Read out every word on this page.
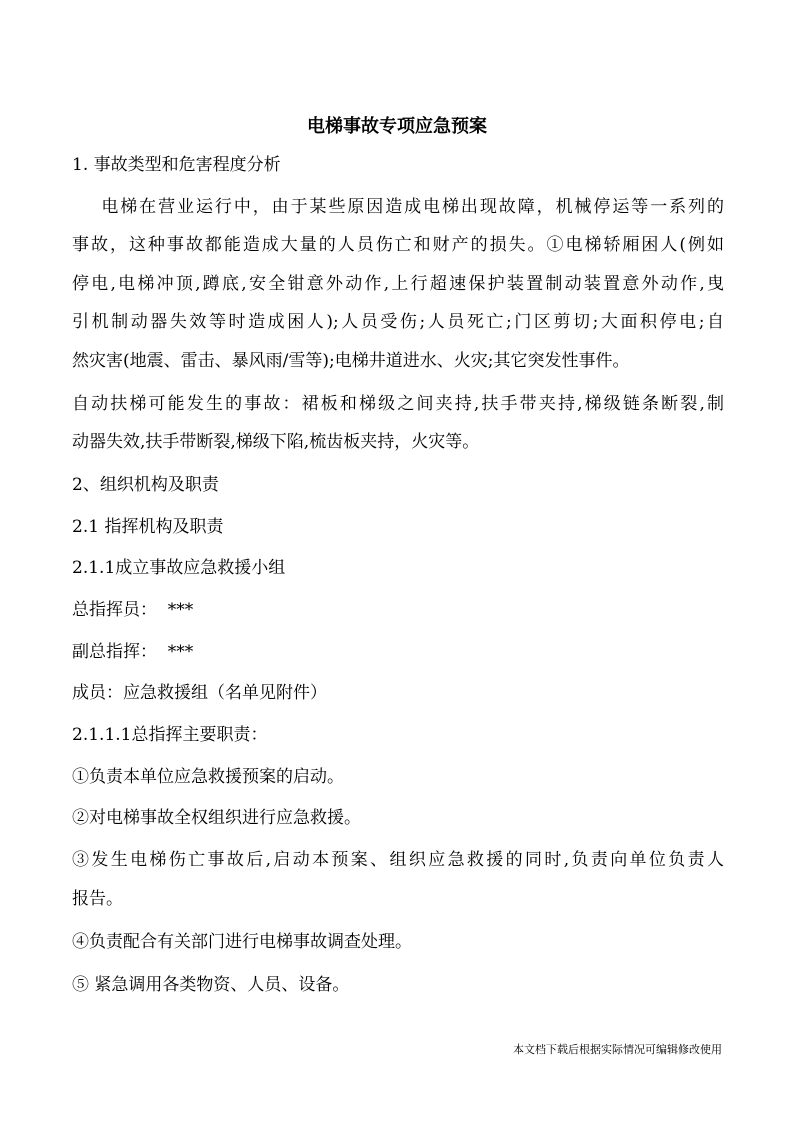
电梯事故专项应急预案
1. 事故类型和危害程度分析
电梯在营业运行中，由于某些原因造成电梯出现故障，机械停运等一系列的
事故，这种事故都能造成大量的人员伤亡和财产的损失。①电梯轿厢困人(例如
停电,电梯冲顶,蹲底,安全钳意外动作,上行超速保护装置制动装置意外动作,曳
引机制动器失效等时造成困人);人员受伤;人员死亡;门区剪切;大面积停电;自
然灾害(地震、雷击、暴风雨/雪等);电梯井道进水、火灾;其它突发性事件。
自动扶梯可能发生的事故：裙板和梯级之间夹持,扶手带夹持,梯级链条断裂,制
动器失效,扶手带断裂,梯级下陷,梳齿板夹持，火灾等。
2、组织机构及职责
2.1 指挥机构及职责
2.1.1成立事故应急救援小组
总指挥员：  ***
副总指挥：  ***
成员：应急救援组（名单见附件）
2.1.1.1总指挥主要职责：
①负责本单位应急救援预案的启动。
②对电梯事故全权组织进行应急救援。
③发生电梯伤亡事故后,启动本预案、组织应急救援的同时,负责向单位负责人
报告。
④负责配合有关部门进行电梯事故调查处理。
⑤ 紧急调用各类物资、人员、设备。
本文档下载后根据实际情况可编辑修改使用
